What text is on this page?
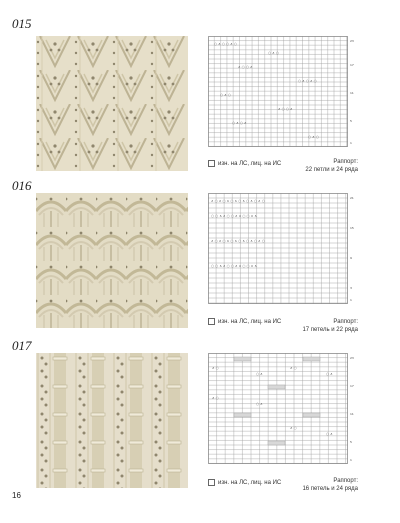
015
○ ∧ ○ ○ ∧ ○
○ ∧ ○
∧ ○ ○ ∧
○ ∧ ○ ∧ ○
○ ∧ ○
∧ ○ ○ ∧
○ ∧ ○ ∧
○ ∧ ○
23
17
11
5
1
изн. на ЛС, лиц. на ИС	Раппорт:
22 петли и 24 ряда
016
∧ ○ ∧ ○ ∧ ○ ∧ ○ ∧ ○ ∧ ○ ∧ ○
○ ○ ∧ ∧ ○ ○ ∧ ∧ ○ ○ ∧ ∧
∧ ○ ∧ ○ ∧ ○ ∧ ○ ∧ ○ ∧ ○ ∧ ○
○ ○ ∧ ∧ ○ ○ ∧ ∧ ○ ○ ∧ ∧
21
15
9
3
1
изн. на ЛС, лиц. на ИС	Раппорт:
17 петель и 22 ряда
017
∧ ○
○ ∧
∧ ○
○ ∧
∧ ○
○ ∧
∧ ○
○ ∧
23
17
11
5
1
изн. на ЛС, лиц. на ИС	Раппорт:
16 петель и 24 ряда
16
